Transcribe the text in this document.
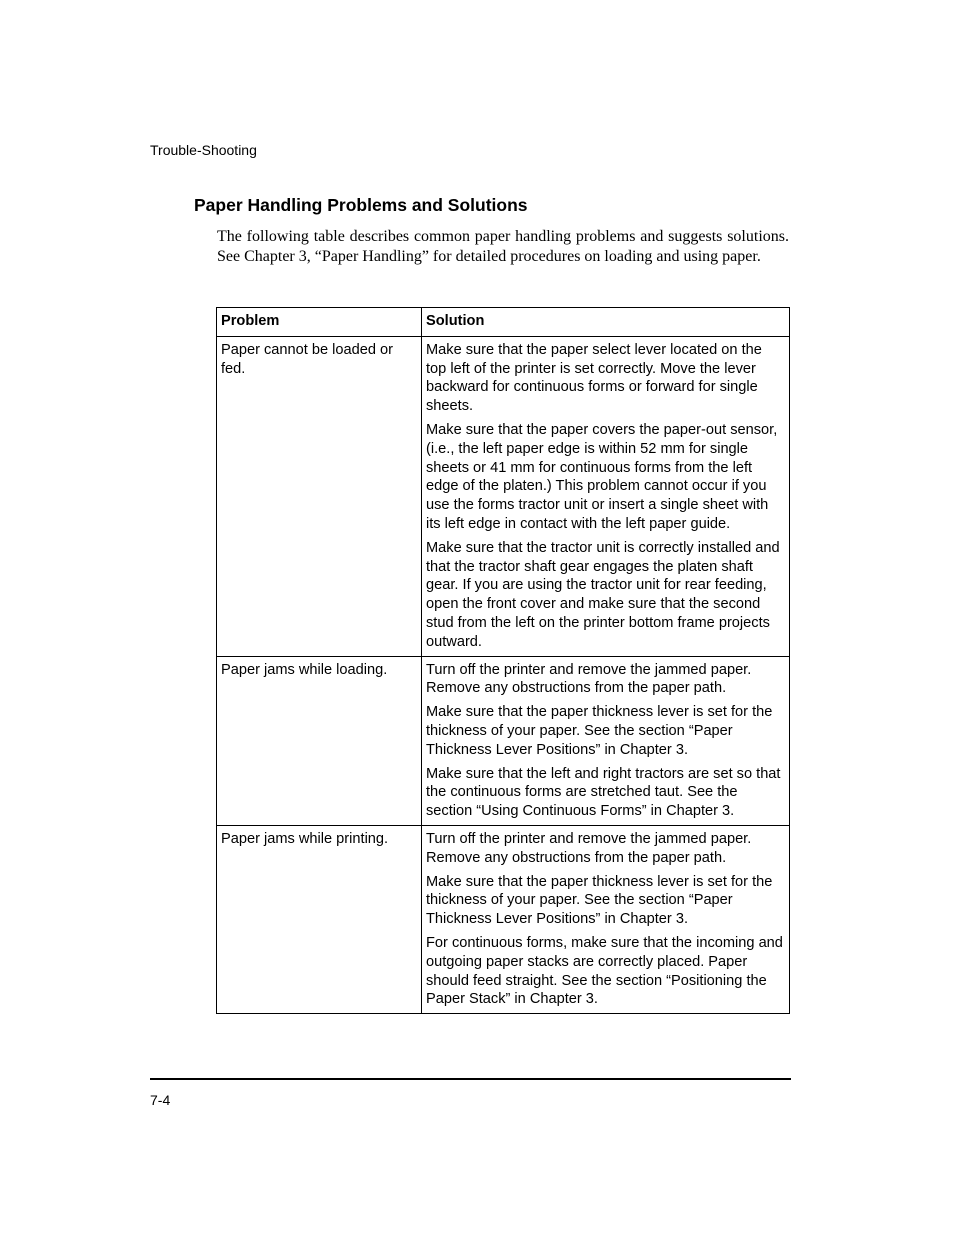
Trouble-Shooting
Paper Handling Problems and Solutions

The following table describes common paper handling problems and suggests solutions. See Chapter 3, “Paper Handling” for detailed procedures on loading and using paper.

Problem	Solution
Paper cannot be loaded or fed.	Make sure that the paper select lever located on the top left of the printer is set correctly. Move the lever backward for continuous forms or forward for single sheets.

Make sure that the paper covers the paper-out sensor, (i.e., the left paper edge is within 52 mm for single sheets or 41 mm for continuous forms from the left edge of the platen.) This problem cannot occur if you use the forms tractor unit or insert a single sheet with its left edge in contact with the left paper guide.

Make sure that the tractor unit is correctly installed and that the tractor shaft gear engages the platen shaft gear. If you are using the tractor unit for rear feeding, open the front cover and make sure that the second stud from the left on the printer bottom frame projects outward.

Paper jams while loading.	Turn off the printer and remove the jammed paper. Remove any obstructions from the paper path.

Make sure that the paper thickness lever is set for the thickness of your paper. See the section “Paper Thickness Lever Positions” in Chapter 3.

Make sure that the left and right tractors are set so that the continuous forms are stretched taut. See the section “Using Continuous Forms” in Chapter 3.

Paper jams while printing.	Turn off the printer and remove the jammed paper. Remove any obstructions from the paper path.

Make sure that the paper thickness lever is set for the thickness of your paper. See the section “Paper Thickness Lever Positions” in Chapter 3.

For continuous forms, make sure that the incoming and outgoing paper stacks are correctly placed. Paper should feed straight. See the section “Positioning the Paper Stack” in Chapter 3.

7-4
